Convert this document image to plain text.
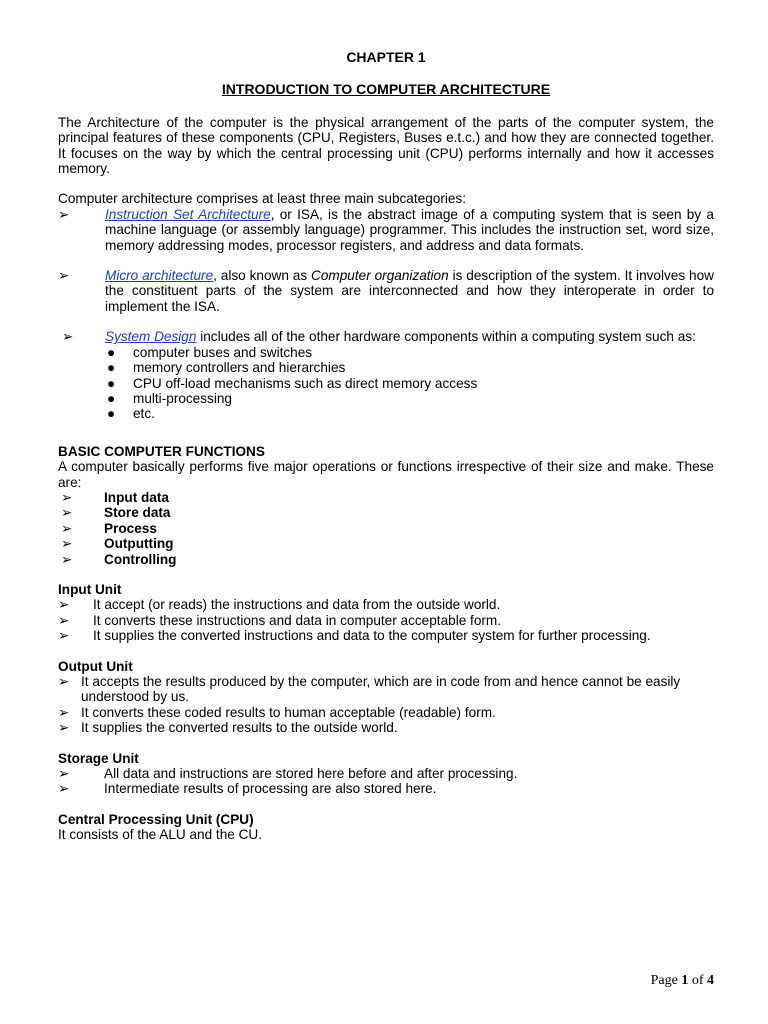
CHAPTER 1

INTRODUCTION TO COMPUTER ARCHITECTURE

The Architecture of the computer is the physical arrangement of the parts of the computer system, the principal features of these components (CPU, Registers, Buses e.t.c.) and how they are connected together. It focuses on the way by which the central processing unit (CPU) performs internally and how it accesses memory.

Computer architecture comprises at least three main subcategories:

➢	Instruction Set Architecture, or ISA, is the abstract image of a computing system that is seen by a machine language (or assembly language) programmer. This includes the instruction set, word size, memory addressing modes, processor registers, and address and data formats.
➢	Micro architecture, also known as Computer organization is description of the system. It involves how the constituent parts of the system are interconnected and how they interoperate in order to implement the ISA.
➢	System Design includes all of the other hardware components within a computing system such as:
● computer buses and switches
● memory controllers and hierarchies
● CPU off-load mechanisms such as direct memory access
● multi-processing
● etc.

BASIC COMPUTER FUNCTIONS

A computer basically performs five major operations or functions irrespective of their size and make. These are:

➢ Input data
➢ Store data
➢ Process
➢ Outputting
➢ Controlling

Input Unit

➢ It accept (or reads) the instructions and data from the outside world.
➢ It converts these instructions and data in computer acceptable form.
➢ It supplies the converted instructions and data to the computer system for further processing.

Output Unit

➢ It accepts the results produced by the computer, which are in code from and hence cannot be easily understood by us.
➢ It converts these coded results to human acceptable (readable) form.
➢ It supplies the converted results to the outside world.

Storage Unit

➢	All data and instructions are stored here before and after processing.
➢	Intermediate results of processing are also stored here.

Central Processing Unit (CPU)

It consists of the ALU and the CU.

Page 1 of 4
